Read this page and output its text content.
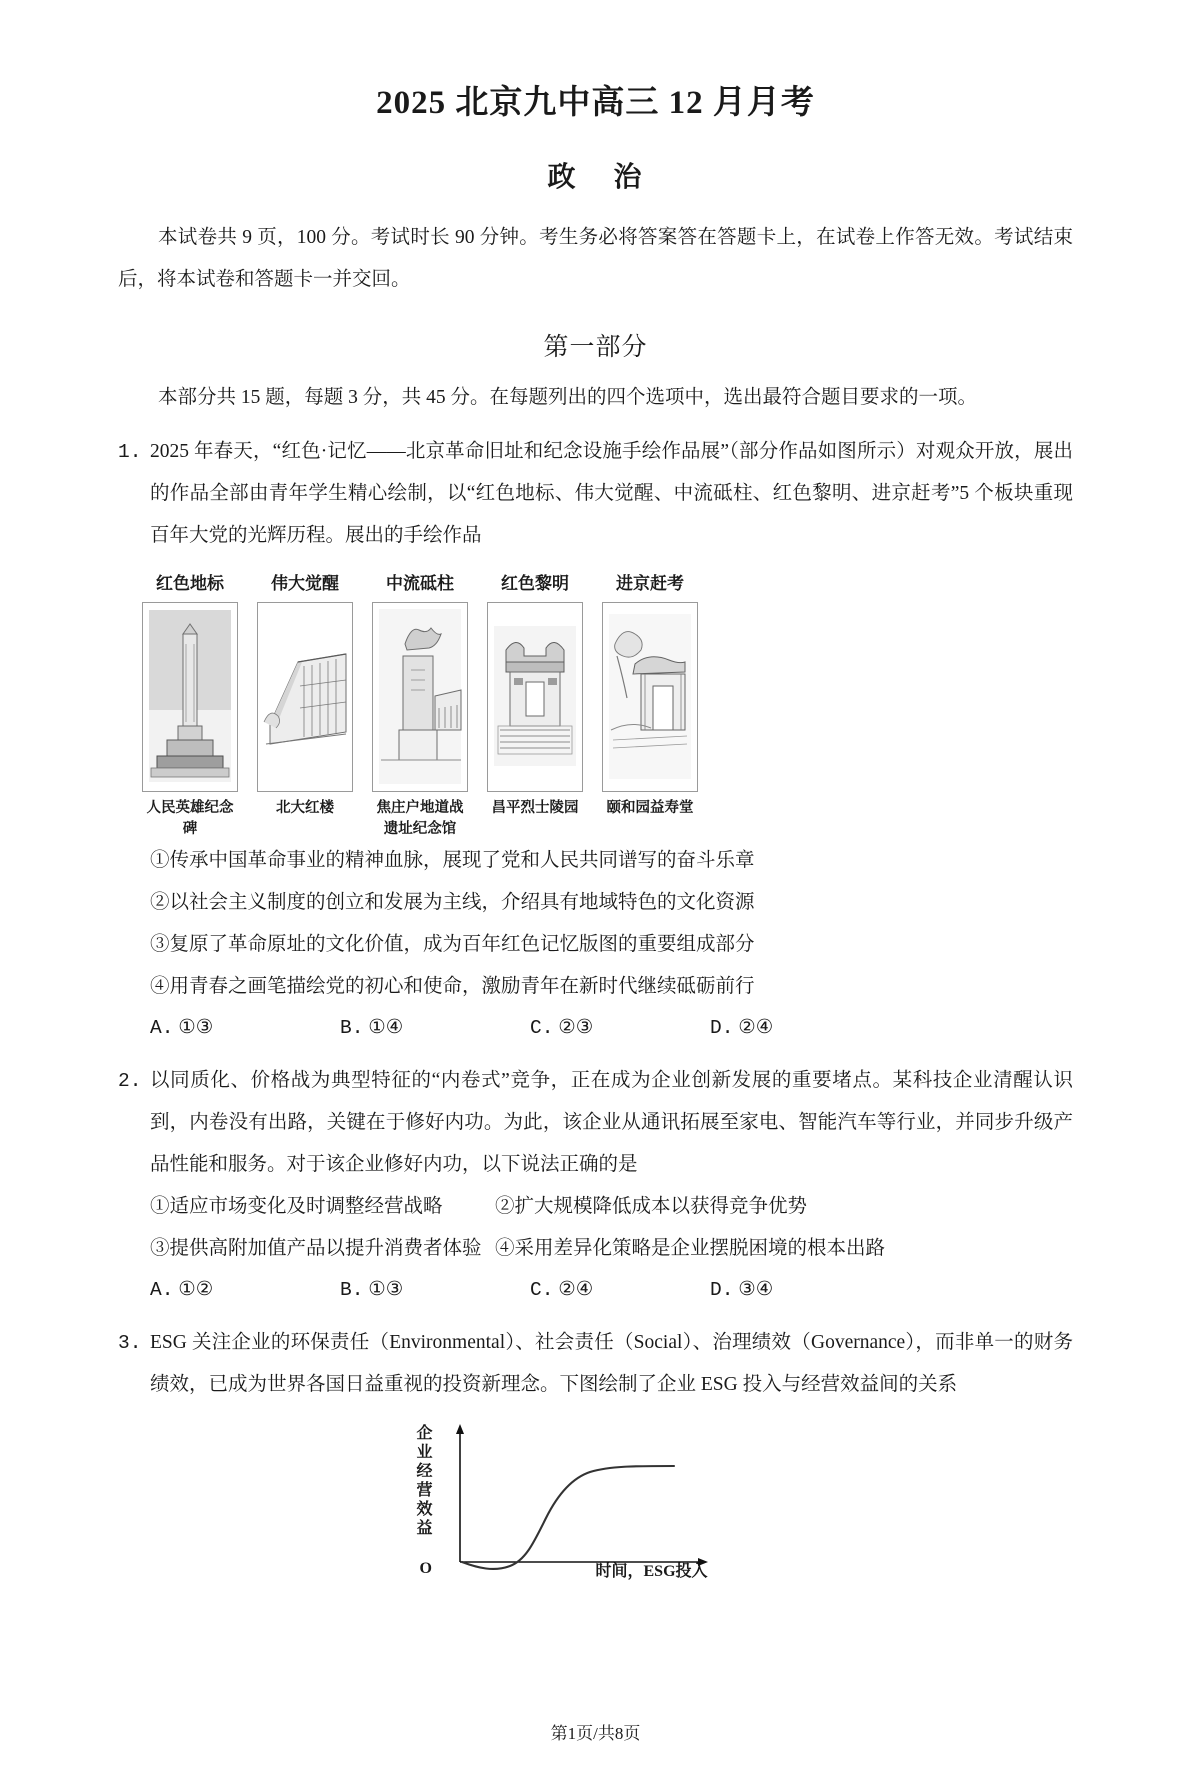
2025 北京九中高三 12 月月考
政 治
本试卷共 9 页，100 分。考试时长 90 分钟。考生务必将答案答在答题卡上，在试卷上作答无效。考试结束后，将本试卷和答题卡一并交回。
第一部分
本部分共 15 题，每题 3 分，共 45 分。在每题列出的四个选项中，选出最符合题目要求的一项。
1. 2025 年春天，“红色·记忆——北京革命旧址和纪念设施手绘作品展”（部分作品如图所示）对观众开放，展出的作品全部由青年学生精心绘制，以“红色地标、伟大觉醒、中流砥柱、红色黎明、进京赶考”5 个板块重现百年大党的光辉历程。展出的手绘作品
红色地标	伟大觉醒	中流砥柱	红色黎明	进京赶考
人民英雄纪念碑
北大红楼	焦庄户地道战遗址纪念馆
昌平烈士陵园	颐和园益寿堂
①传承中国革命事业的精神血脉，展现了党和人民共同谱写的奋斗乐章
②以社会主义制度的创立和发展为主线，介绍具有地域特色的文化资源
③复原了革命原址的文化价值，成为百年红色记忆版图的重要组成部分
④用青春之画笔描绘党的初心和使命，激励青年在新时代继续砥砺前行
A. ①③	B. ①④	C. ②③	D. ②④
2. 以同质化、价格战为典型特征的“内卷式”竞争，正在成为企业创新发展的重要堵点。某科技企业清醒认识到，内卷没有出路，关键在于修好内功。为此，该企业从通讯拓展至家电、智能汽车等行业，并同步升级产品性能和服务。对于该企业修好内功，以下说法正确的是
①适应市场变化及时调整经营战略	②扩大规模降低成本以获得竞争优势
③提供高附加值产品以提升消费者体验 ④采用差异化策略是企业摆脱困境的根本出路
A. ①②	B. ①③	C. ②④	D. ③④
3. ESG 关注企业的环保责任（Environmental）、社会责任（Social）、治理绩效（Governance），而非单一的财务绩效，已成为世界各国日益重视的投资新理念。下图绘制了企业 ESG 投入与经营效益间的关系
企业经营效益
O	时间，ESG投入
第1页/共8页
